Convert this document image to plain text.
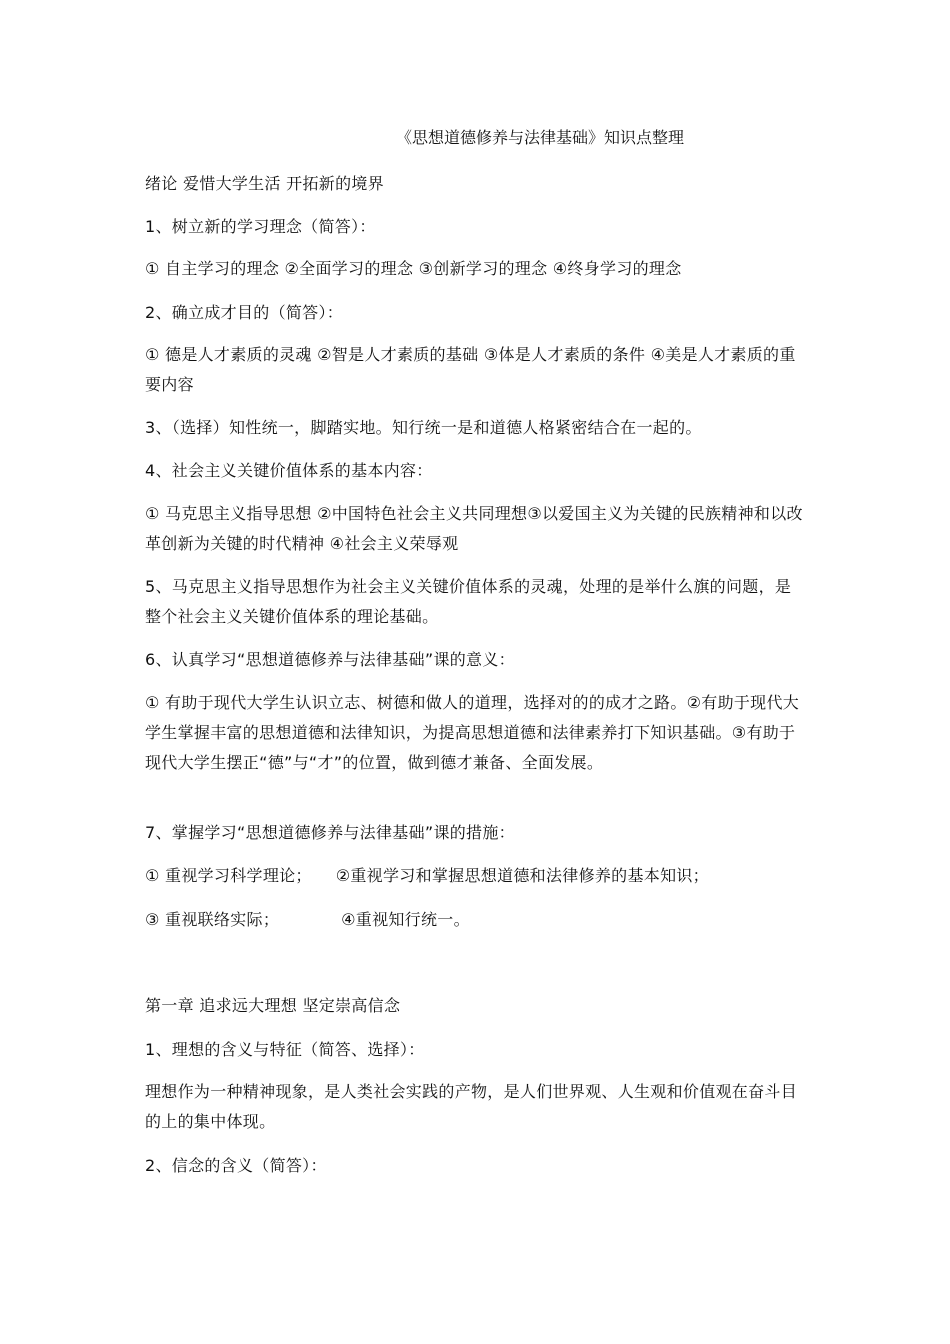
《思想道德修养与法律基础》知识点整理
绪论 爱惜大学生活 开拓新的境界
1、树立新的学习理念（简答）：
① 自主学习的理念 ②全面学习的理念 ③创新学习的理念 ④终身学习的理念
2、确立成才目的（简答）：
① 德是人才素质的灵魂 ②智是人才素质的基础 ③体是人才素质的条件 ④美是人才素质的重要内容
3、（选择）知性统一，脚踏实地。知行统一是和道德人格紧密结合在一起的。
4、社会主义关键价值体系的基本内容：
① 马克思主义指导思想 ②中国特色社会主义共同理想③以爱国主义为关键的民族精神和以改革创新为关键的时代精神 ④社会主义荣辱观
5、马克思主义指导思想作为社会主义关键价值体系的灵魂，处理的是举什么旗的问题，是整个社会主义关键价值体系的理论基础。
6、认真学习“思想道德修养与法律基础”课的意义：
① 有助于现代大学生认识立志、树德和做人的道理，选择对的的成才之路。②有助于现代大学生掌握丰富的思想道德和法律知识，为提高思想道德和法律素养打下知识基础。③有助于现代大学生摆正“德”与“才”的位置，做到德才兼备、全面发展。
7、掌握学习“思想道德修养与法律基础”课的措施：
① 重视学习科学理论； ②重视学习和掌握思想道德和法律修养的基本知识；
③ 重视联络实际；	④重视知行统一。
第一章 追求远大理想 坚定崇高信念
1、理想的含义与特征（简答、选择）：
理想作为一种精神现象，是人类社会实践的产物，是人们世界观、人生观和价值观在奋斗目的上的集中体现。
2、信念的含义（简答）：
